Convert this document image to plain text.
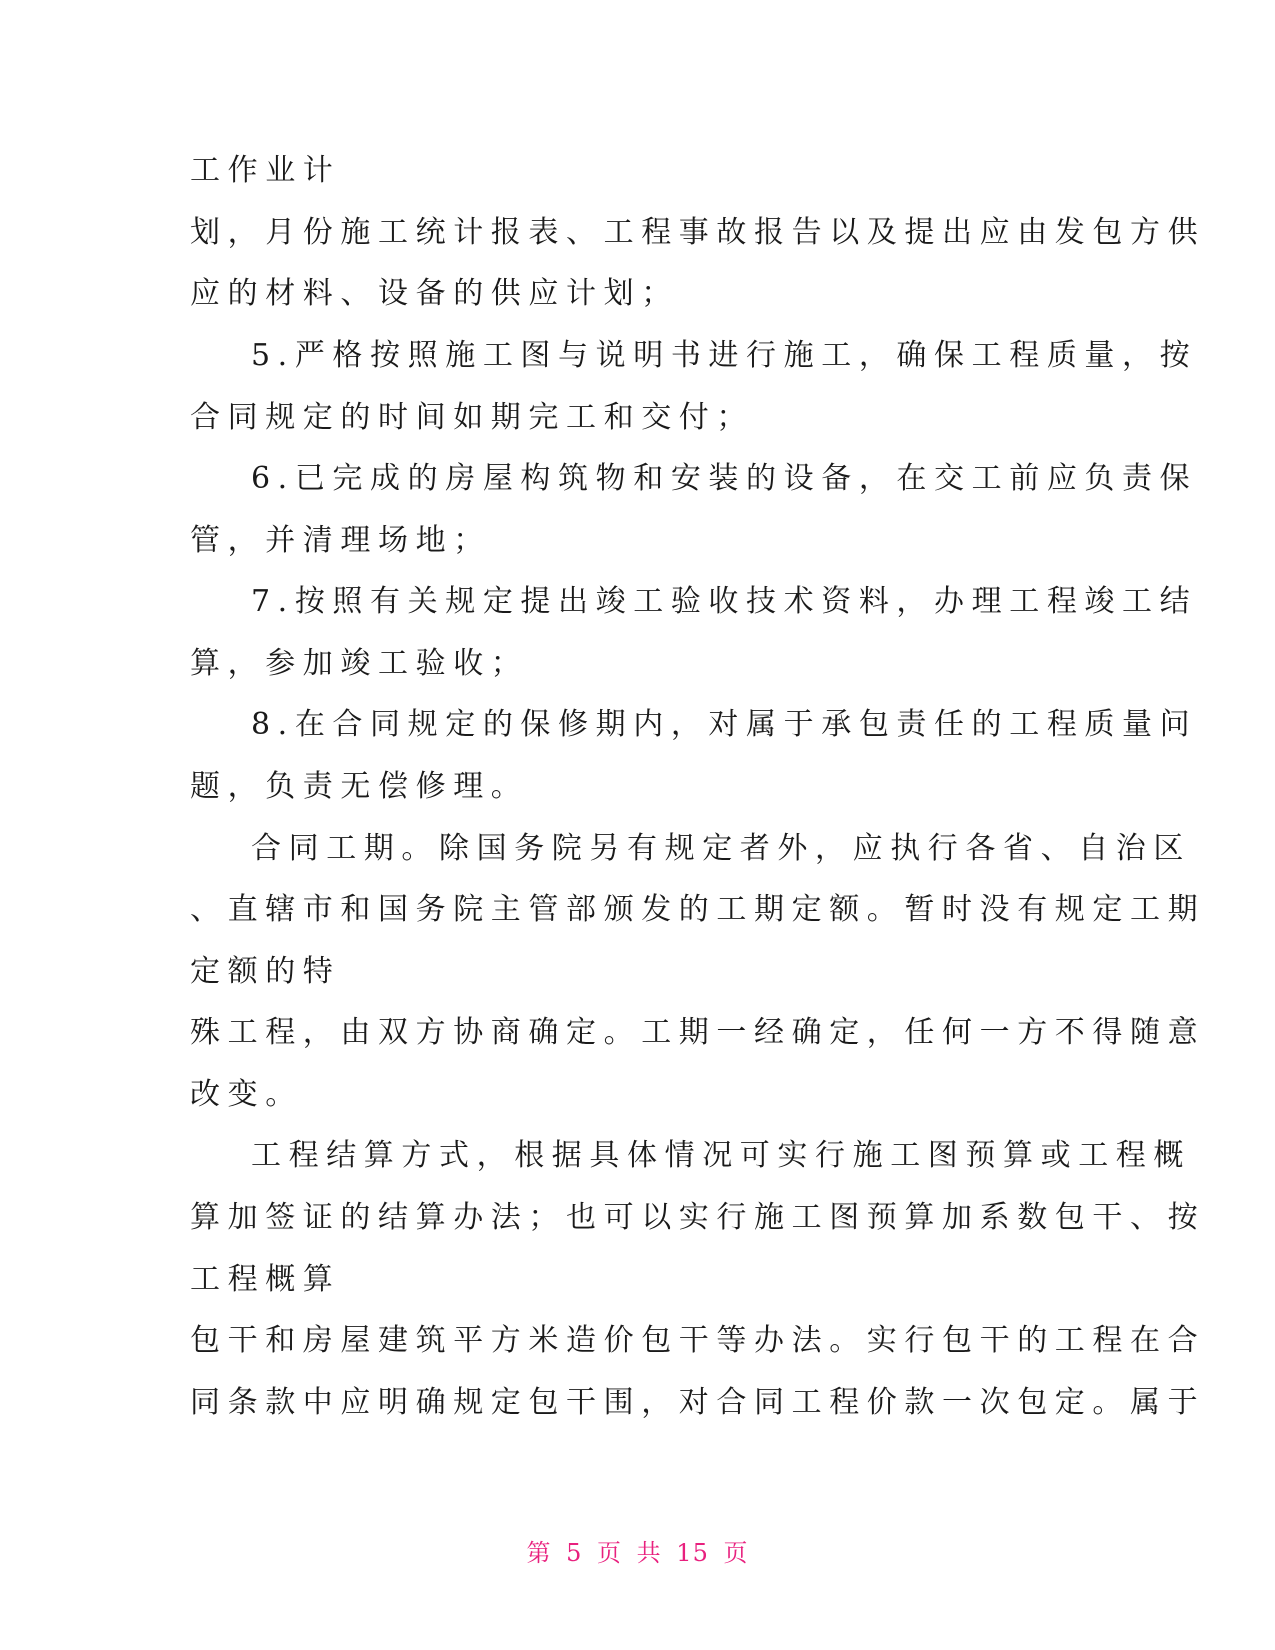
工作业计
划，月份施工统计报表、工程事故报告以及提出应由发包方供
应的材料、设备的供应计划；
5.严格按照施工图与说明书进行施工，确保工程质量，按
合同规定的时间如期完工和交付；
6.已完成的房屋构筑物和安装的设备，在交工前应负责保
管，并清理场地；
7.按照有关规定提出竣工验收技术资料，办理工程竣工结
算，参加竣工验收；
8.在合同规定的保修期内，对属于承包责任的工程质量问
题，负责无偿修理。
合同工期。除国务院另有规定者外，应执行各省、自治区
、直辖市和国务院主管部颁发的工期定额。暂时没有规定工期
定额的特
殊工程，由双方协商确定。工期一经确定，任何一方不得随意
改变。
工程结算方式，根据具体情况可实行施工图预算或工程概
算加签证的结算办法；也可以实行施工图预算加系数包干、按
工程概算
包干和房屋建筑平方米造价包干等办法。实行包干的工程在合
同条款中应明确规定包干围，对合同工程价款一次包定。属于
第 5 页 共 15 页
